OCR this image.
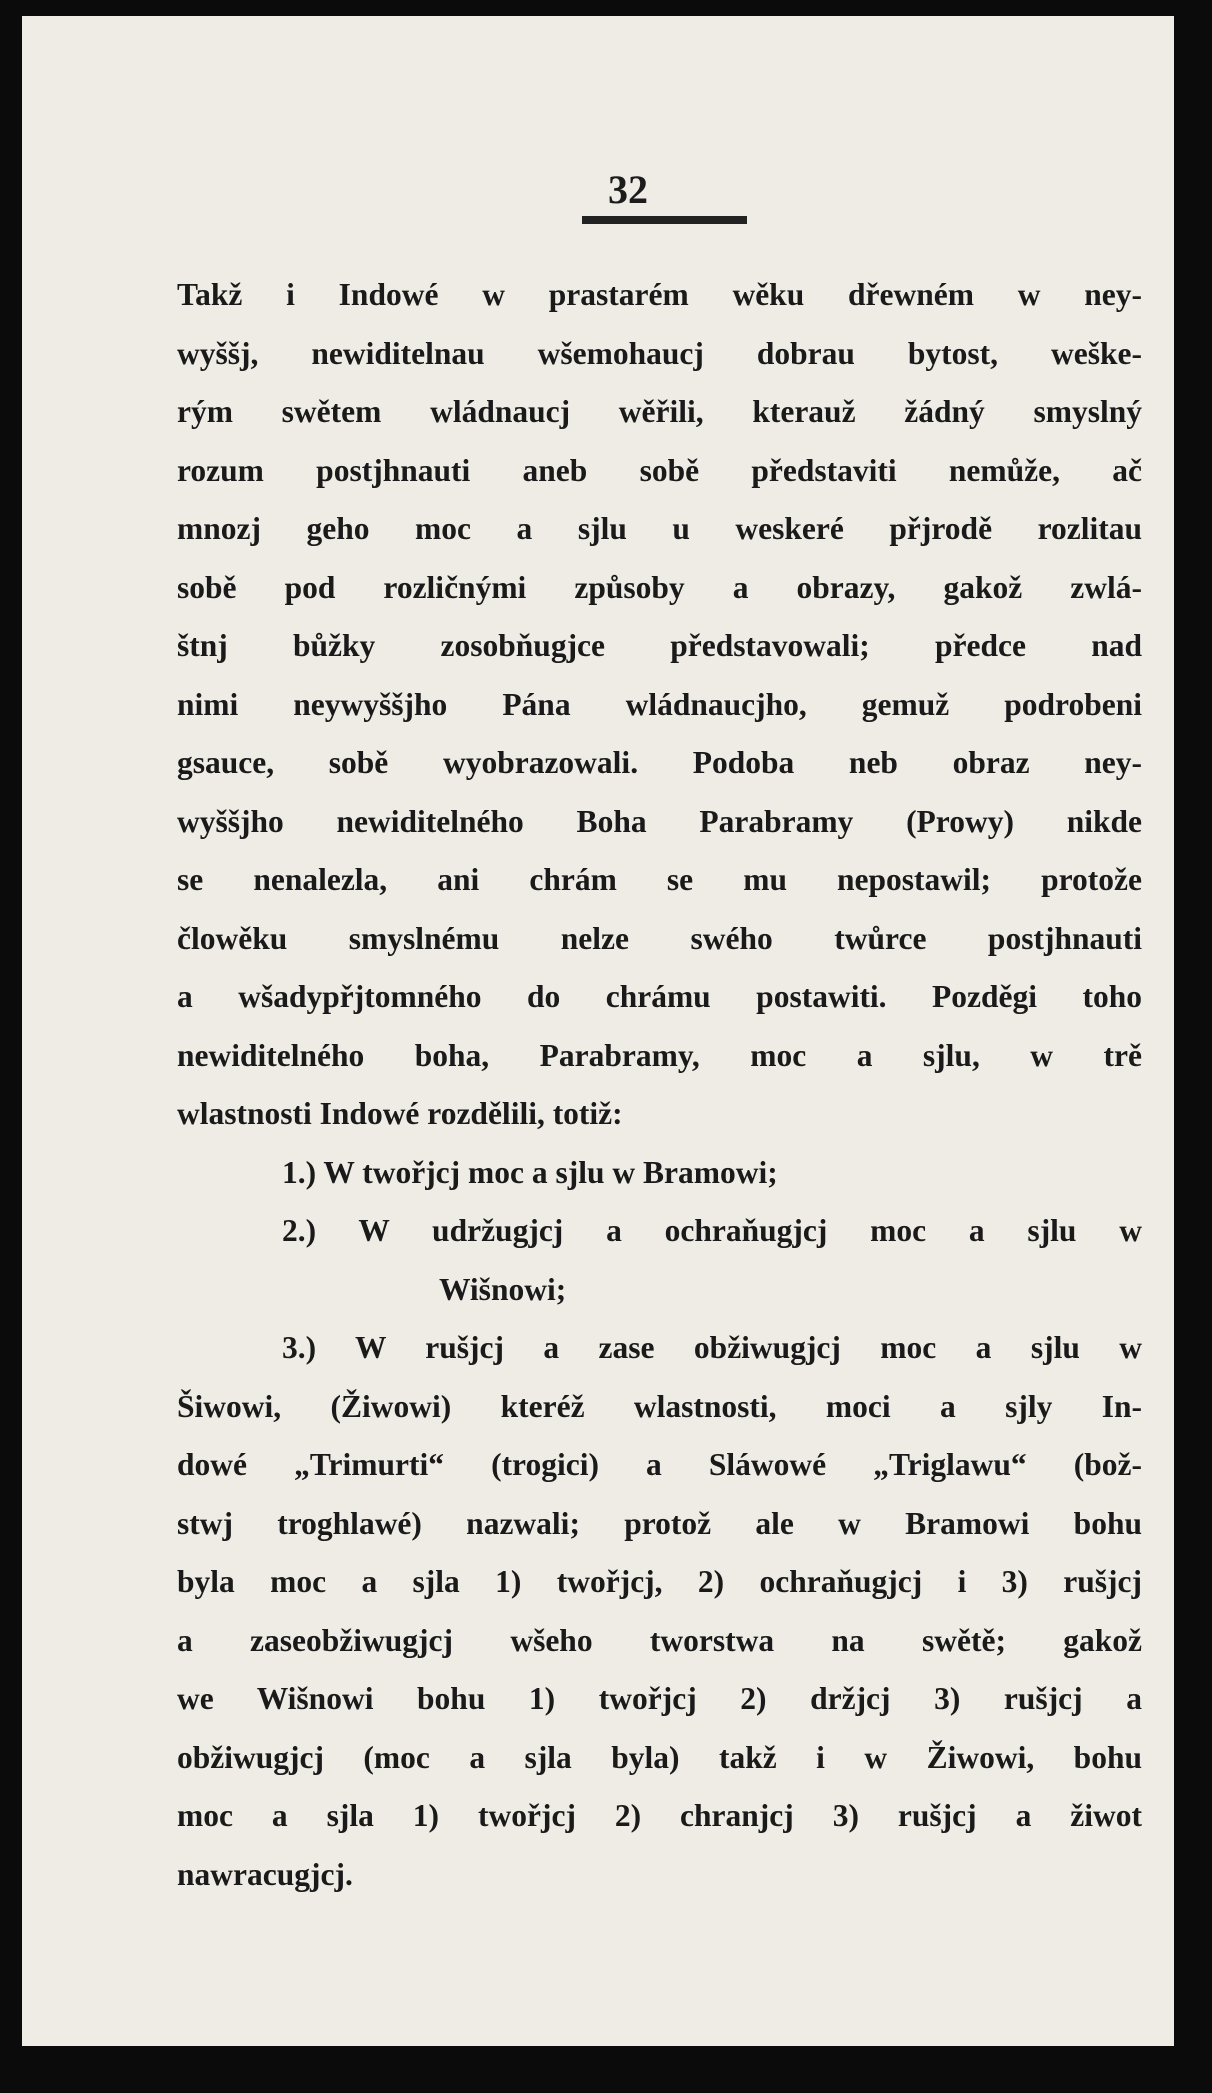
32
Takž i Indowé w prastarém wěku dřewném w ney-
wyššj, newiditelnau wšemohaucj dobrau bytost, weške-
rým swětem wládnaucj wěřili, kterauž žádný smyslný
rozum postjhnauti aneb sobě představiti nemůže, ač
mnozj geho moc a sjlu u weskeré přjrodě rozlitau
sobě pod rozličnými způsoby a obrazy, gakož zwlá-
štnj bůžky zosobňugjce představowali; předce nad
nimi neywyššjho Pána wládnaucjho, gemuž podrobeni
gsauce, sobě wyobrazowali. Podoba neb obraz ney-
wyššjho newiditelného Boha Parabramy (Prowy) nikde
se nenalezla, ani chrám se mu nepostawil; protože
člowěku smyslnému nelze swého twůrce postjhnauti
a wšadypřjtomného do chrámu postawiti. Pozděgi toho
newiditelného boha, Parabramy, moc a sjlu, w trě
wlastnosti Indowé rozdělili, totiž:
1.) W twořjcj moc a sjlu w Bramowi;
2.) W udržugjcj a ochraňugjcj moc a sjlu w
Wišnowi;
3.) W rušjcj a zase obžiwugjcj moc a sjlu w
Šiwowi, (Žiwowi) kteréž wlastnosti, moci a sjly In-
dowé „Trimurti“ (trogici) a Sláwowé „Triglawu“ (bož-
stwj troghlawé) nazwali; protož ale w Bramowi bohu
byla moc a sjla 1) twořjcj, 2) ochraňugjcj i 3) rušjcj
a zaseobžiwugjcj wšeho tworstwa na swětě; gakož
we Wišnowi bohu 1) twořjcj 2) držjcj 3) rušjcj a
obžiwugjcj (moc a sjla byla) takž i w Žiwowi, bohu
moc a sjla 1) twořjcj 2) chranjcj 3) rušjcj a žiwot
nawracugjcj.
